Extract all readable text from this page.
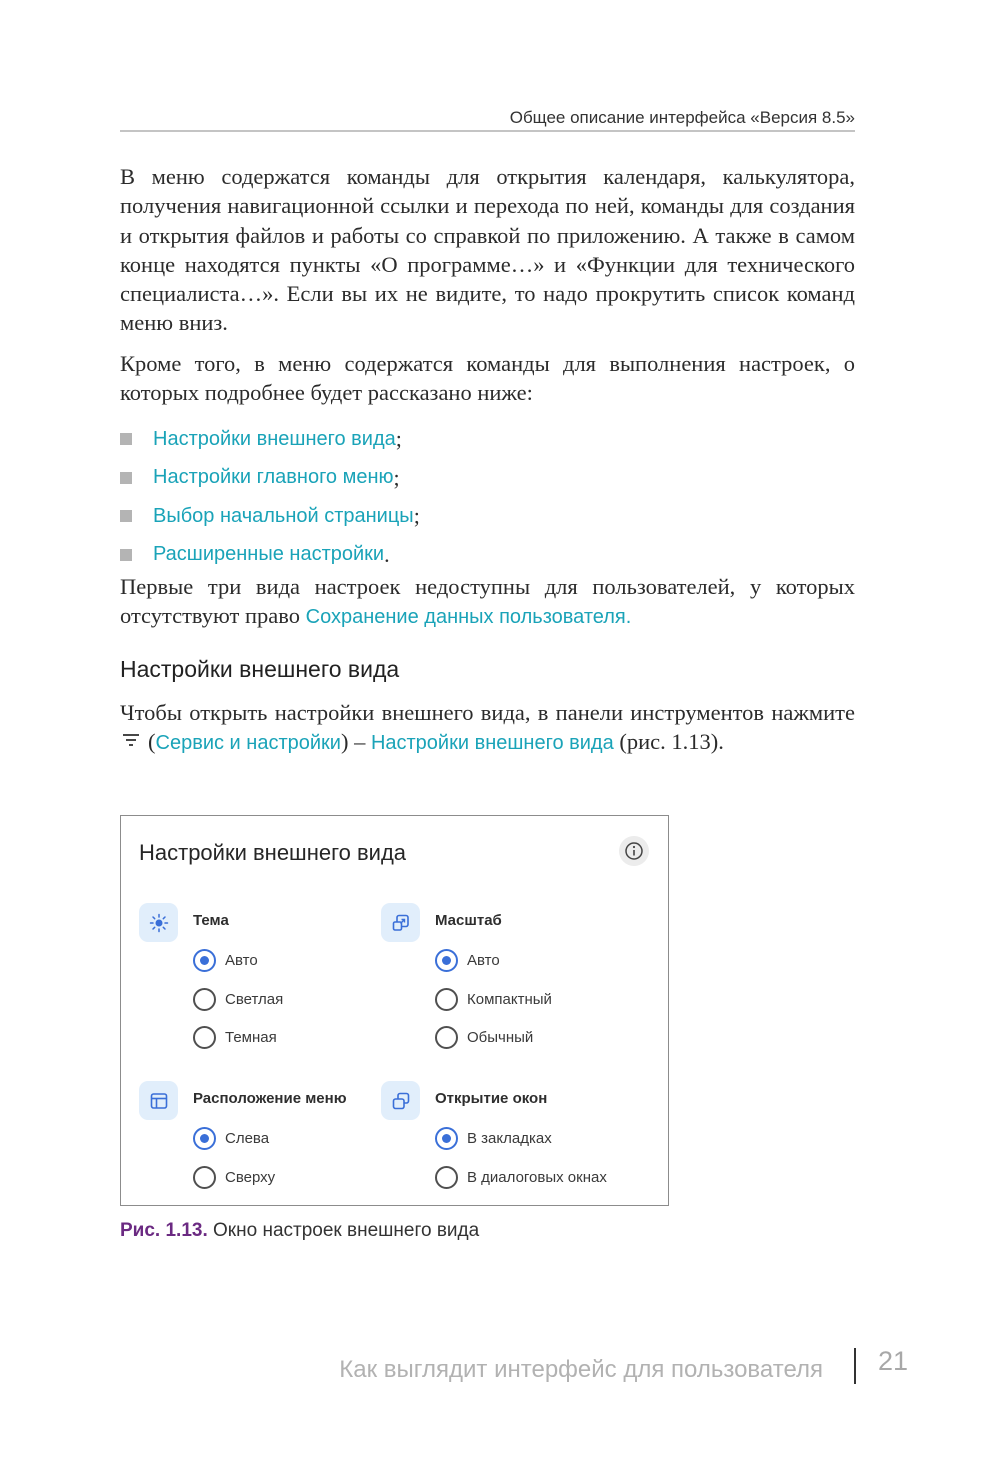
Общее описание интерфейса «Версия 8.5»

В меню содержатся команды для открытия календаря, калькулятора, получения навигационной ссылки и перехода по ней, команды для создания и открытия файлов и работы со справкой по приложению. А также в самом конце находятся пункты «О программе…» и «Функции для технического специалиста…». Если вы их не видите, то надо прокрутить список команд меню вниз.

Кроме того, в меню содержатся команды для выполнения настроек, о которых подробнее будет рассказано ниже:

Настройки внешнего вида ;
Настройки главного меню ;
Выбор начальной страницы ;
Расширенные настройки .

Первые три вида настроек недоступны для пользователей, у которых отсутствуют право Сохранение данных пользователя.

Настройки внешнего вида

Чтобы открыть настройки внешнего вида, в панели инструментов нажмите(Сервис и настройки) – Настройки внешнего вида (рис. 1.13).

Настройки внешнего вида
Тема
Авто
Светлая
Темная
Масштаб
Авто
Компактный
Обычный
Расположение меню
Слева
Сверху
Открытие окон
В закладках
В диалоговых окнах
Рис. 1.13. Окно настроек внешнего вида
Как выглядит интерфейс для пользователя 21
